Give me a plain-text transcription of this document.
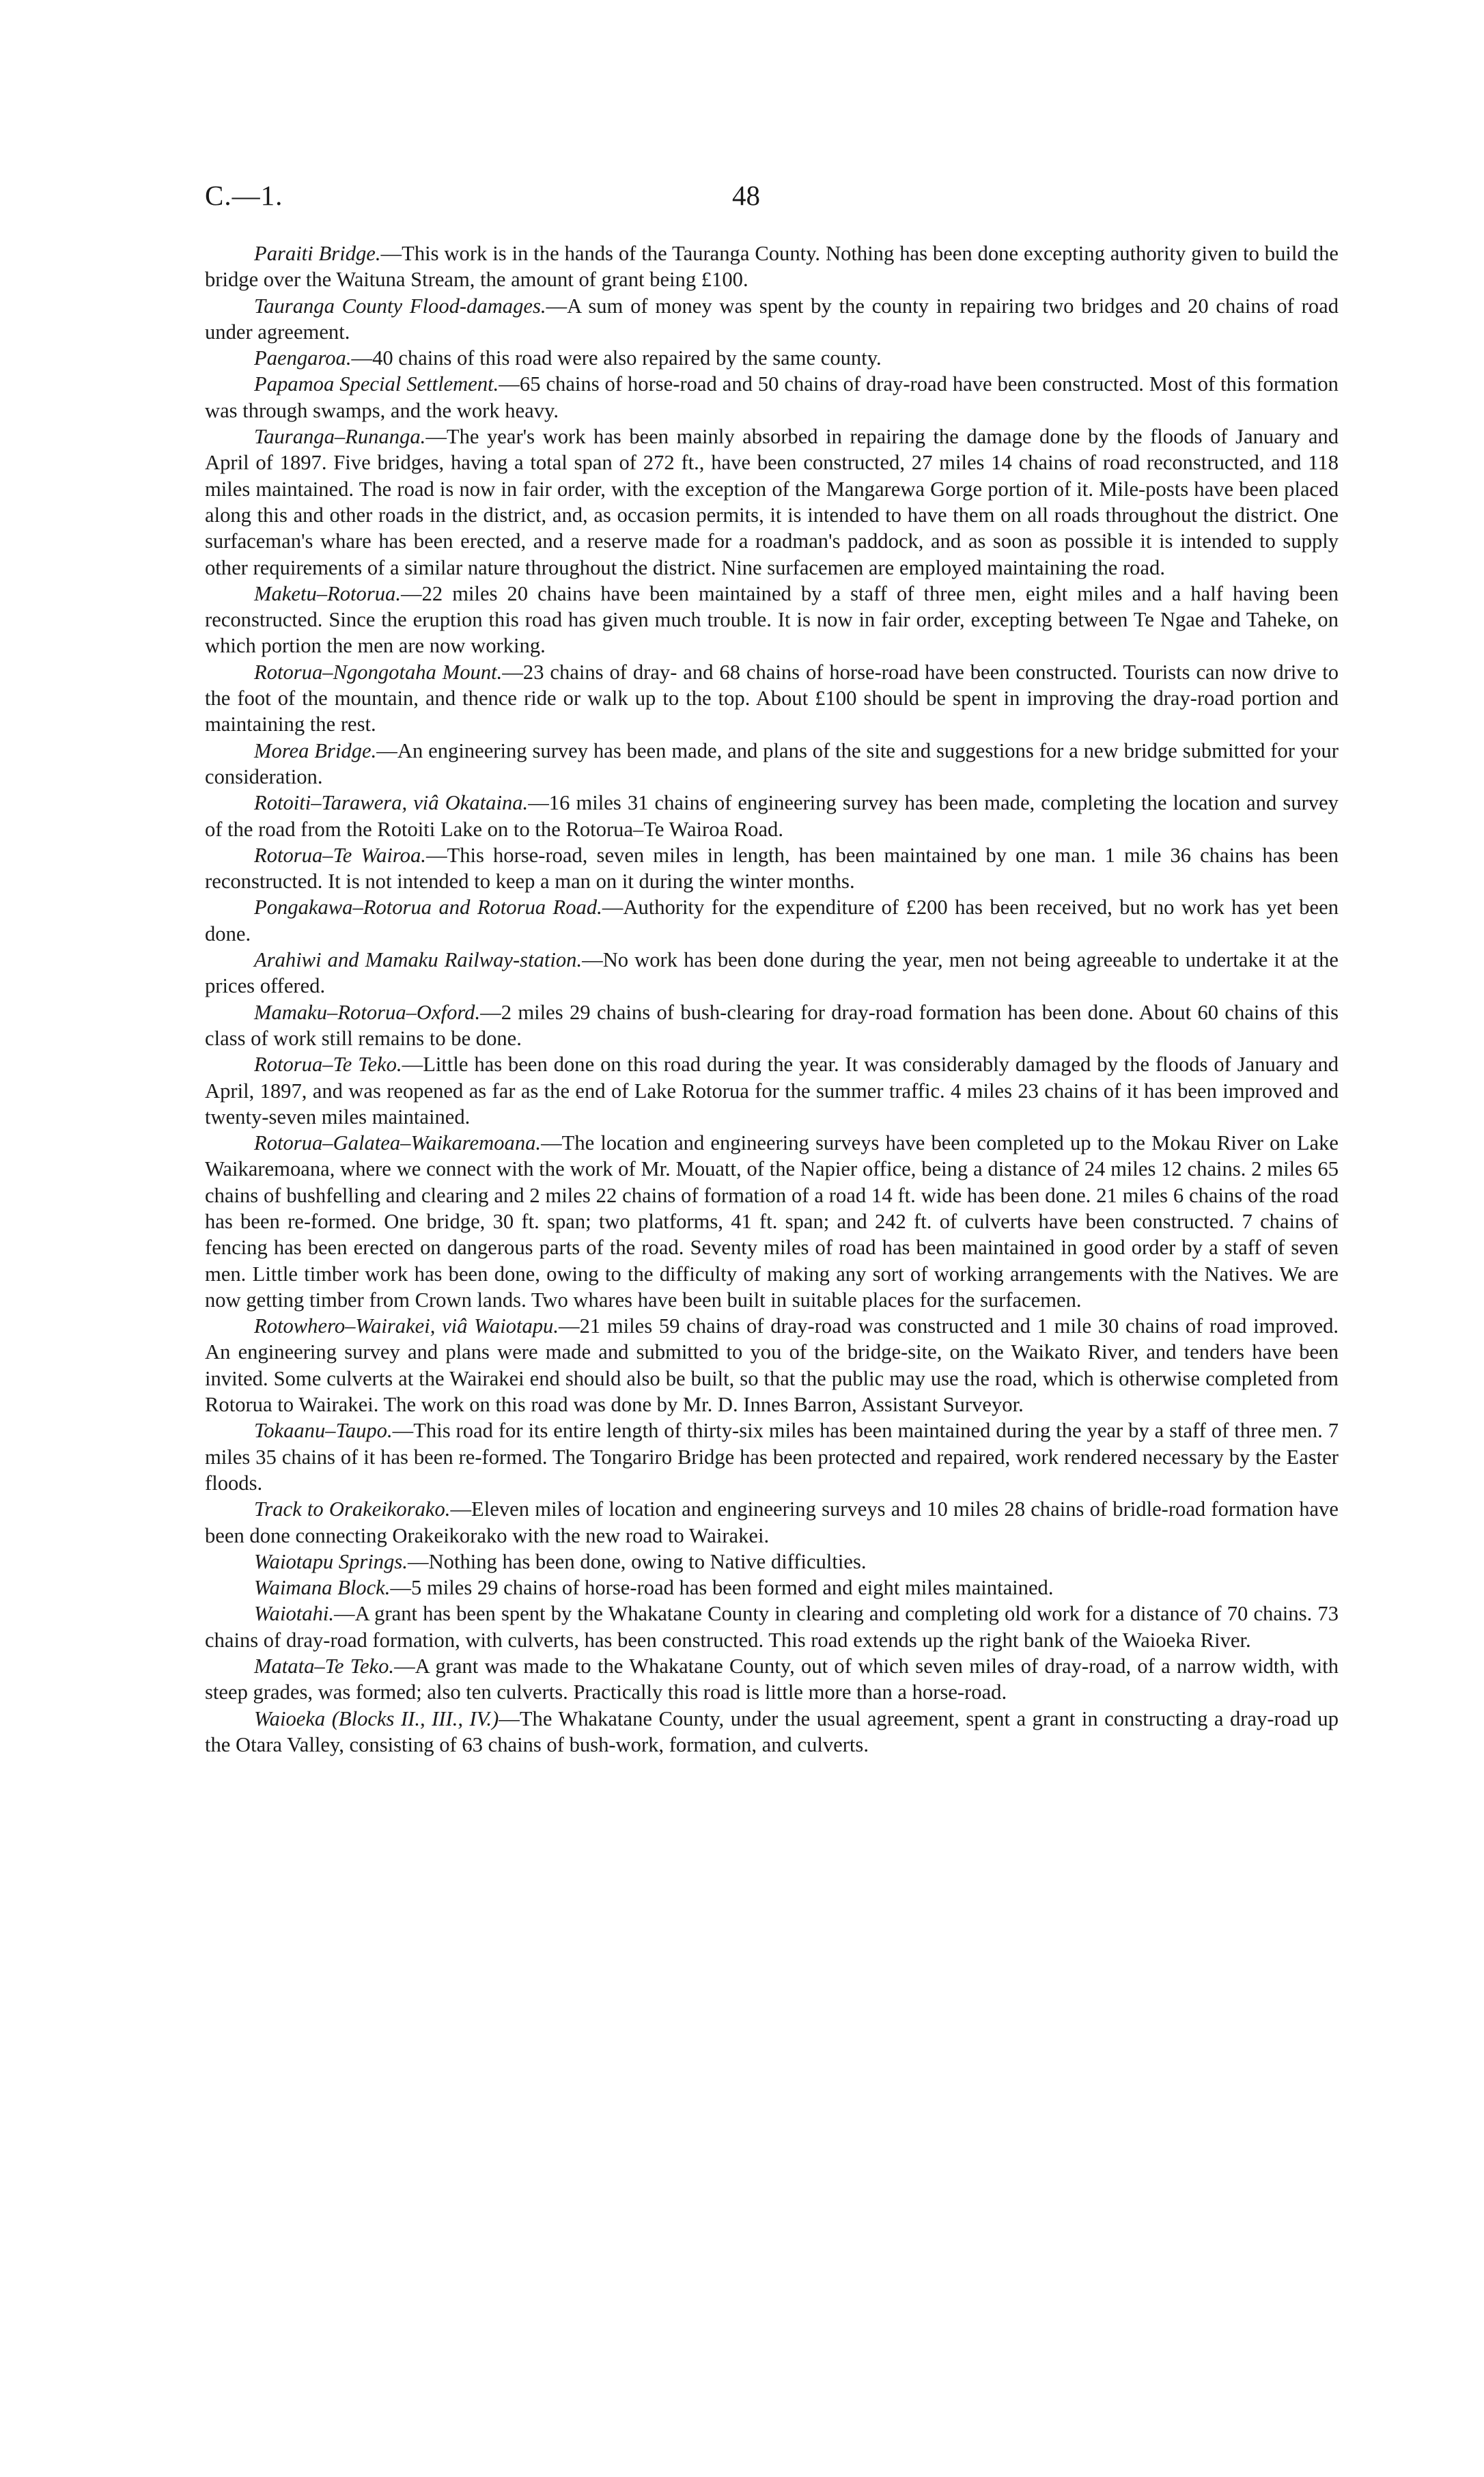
C.—1.	48

Paraiti Bridge.—This work is in the hands of the Tauranga County. Nothing has been done excepting authority given to build the bridge over the Waituna Stream, the amount of grant being £100.

Tauranga County Flood-damages.—A sum of money was spent by the county in repairing two bridges and 20 chains of road under agreement.

Paengaroa.—40 chains of this road were also repaired by the same county.

Papamoa Special Settlement.—65 chains of horse-road and 50 chains of dray-road have been constructed. Most of this formation was through swamps, and the work heavy.

Tauranga–Runanga.—The year's work has been mainly absorbed in repairing the damage done by the floods of January and April of 1897. Five bridges, having a total span of 272 ft., have been constructed, 27 miles 14 chains of road reconstructed, and 118 miles maintained. The road is now in fair order, with the exception of the Mangarewa Gorge portion of it. Mile-posts have been placed along this and other roads in the district, and, as occasion permits, it is intended to have them on all roads throughout the district. One surfaceman's whare has been erected, and a reserve made for a roadman's paddock, and as soon as possible it is intended to supply other requirements of a similar nature throughout the district. Nine surfacemen are employed maintaining the road.

Maketu–Rotorua.—22 miles 20 chains have been maintained by a staff of three men, eight miles and a half having been reconstructed. Since the eruption this road has given much trouble. It is now in fair order, excepting between Te Ngae and Taheke, on which portion the men are now working.

Rotorua–Ngongotaha Mount.—23 chains of dray- and 68 chains of horse-road have been constructed. Tourists can now drive to the foot of the mountain, and thence ride or walk up to the top. About £100 should be spent in improving the dray-road portion and maintaining the rest.

Morea Bridge.—An engineering survey has been made, and plans of the site and suggestions for a new bridge submitted for your consideration.

Rotoiti–Tarawera, viâ Okataina.—16 miles 31 chains of engineering survey has been made, completing the location and survey of the road from the Rotoiti Lake on to the Rotorua–Te Wairoa Road.

Rotorua–Te Wairoa.—This horse-road, seven miles in length, has been maintained by one man. 1 mile 36 chains has been reconstructed. It is not intended to keep a man on it during the winter months.

Pongakawa–Rotorua and Rotorua Road.—Authority for the expenditure of £200 has been received, but no work has yet been done.

Arahiwi and Mamaku Railway-station.—No work has been done during the year, men not being agreeable to undertake it at the prices offered.

Mamaku–Rotorua–Oxford.—2 miles 29 chains of bush-clearing for dray-road formation has been done. About 60 chains of this class of work still remains to be done.

Rotorua–Te Teko.—Little has been done on this road during the year. It was considerably damaged by the floods of January and April, 1897, and was reopened as far as the end of Lake Rotorua for the summer traffic. 4 miles 23 chains of it has been improved and twenty-seven miles maintained.

Rotorua–Galatea–Waikaremoana.—The location and engineering surveys have been completed up to the Mokau River on Lake Waikaremoana, where we connect with the work of Mr. Mouatt, of the Napier office, being a distance of 24 miles 12 chains. 2 miles 65 chains of bushfelling and clearing and 2 miles 22 chains of formation of a road 14 ft. wide has been done. 21 miles 6 chains of the road has been re-formed. One bridge, 30 ft. span; two platforms, 41 ft. span; and 242 ft. of culverts have been constructed. 7 chains of fencing has been erected on dangerous parts of the road. Seventy miles of road has been maintained in good order by a staff of seven men. Little timber work has been done, owing to the difficulty of making any sort of working arrangements with the Natives. We are now getting timber from Crown lands. Two whares have been built in suitable places for the surfacemen.

Rotowhero–Wairakei, viâ Waiotapu.—21 miles 59 chains of dray-road was constructed and 1 mile 30 chains of road improved. An engineering survey and plans were made and submitted to you of the bridge-site, on the Waikato River, and tenders have been invited. Some culverts at the Wairakei end should also be built, so that the public may use the road, which is otherwise completed from Rotorua to Wairakei. The work on this road was done by Mr. D. Innes Barron, Assistant Surveyor.

Tokaanu–Taupo.—This road for its entire length of thirty-six miles has been maintained during the year by a staff of three men. 7 miles 35 chains of it has been re-formed. The Tongariro Bridge has been protected and repaired, work rendered necessary by the Easter floods.

Track to Orakeikorako.—Eleven miles of location and engineering surveys and 10 miles 28 chains of bridle-road formation have been done connecting Orakeikorako with the new road to Wairakei.

Waiotapu Springs.—Nothing has been done, owing to Native difficulties.

Waimana Block.—5 miles 29 chains of horse-road has been formed and eight miles maintained.

Waiotahi.—A grant has been spent by the Whakatane County in clearing and completing old work for a distance of 70 chains. 73 chains of dray-road formation, with culverts, has been constructed. This road extends up the right bank of the Waioeka River.

Matata–Te Teko.—A grant was made to the Whakatane County, out of which seven miles of dray-road, of a narrow width, with steep grades, was formed; also ten culverts. Practically this road is little more than a horse-road.

Waioeka (Blocks II., III., IV.)—The Whakatane County, under the usual agreement, spent a grant in constructing a dray-road up the Otara Valley, consisting of 63 chains of bush-work, formation, and culverts.
